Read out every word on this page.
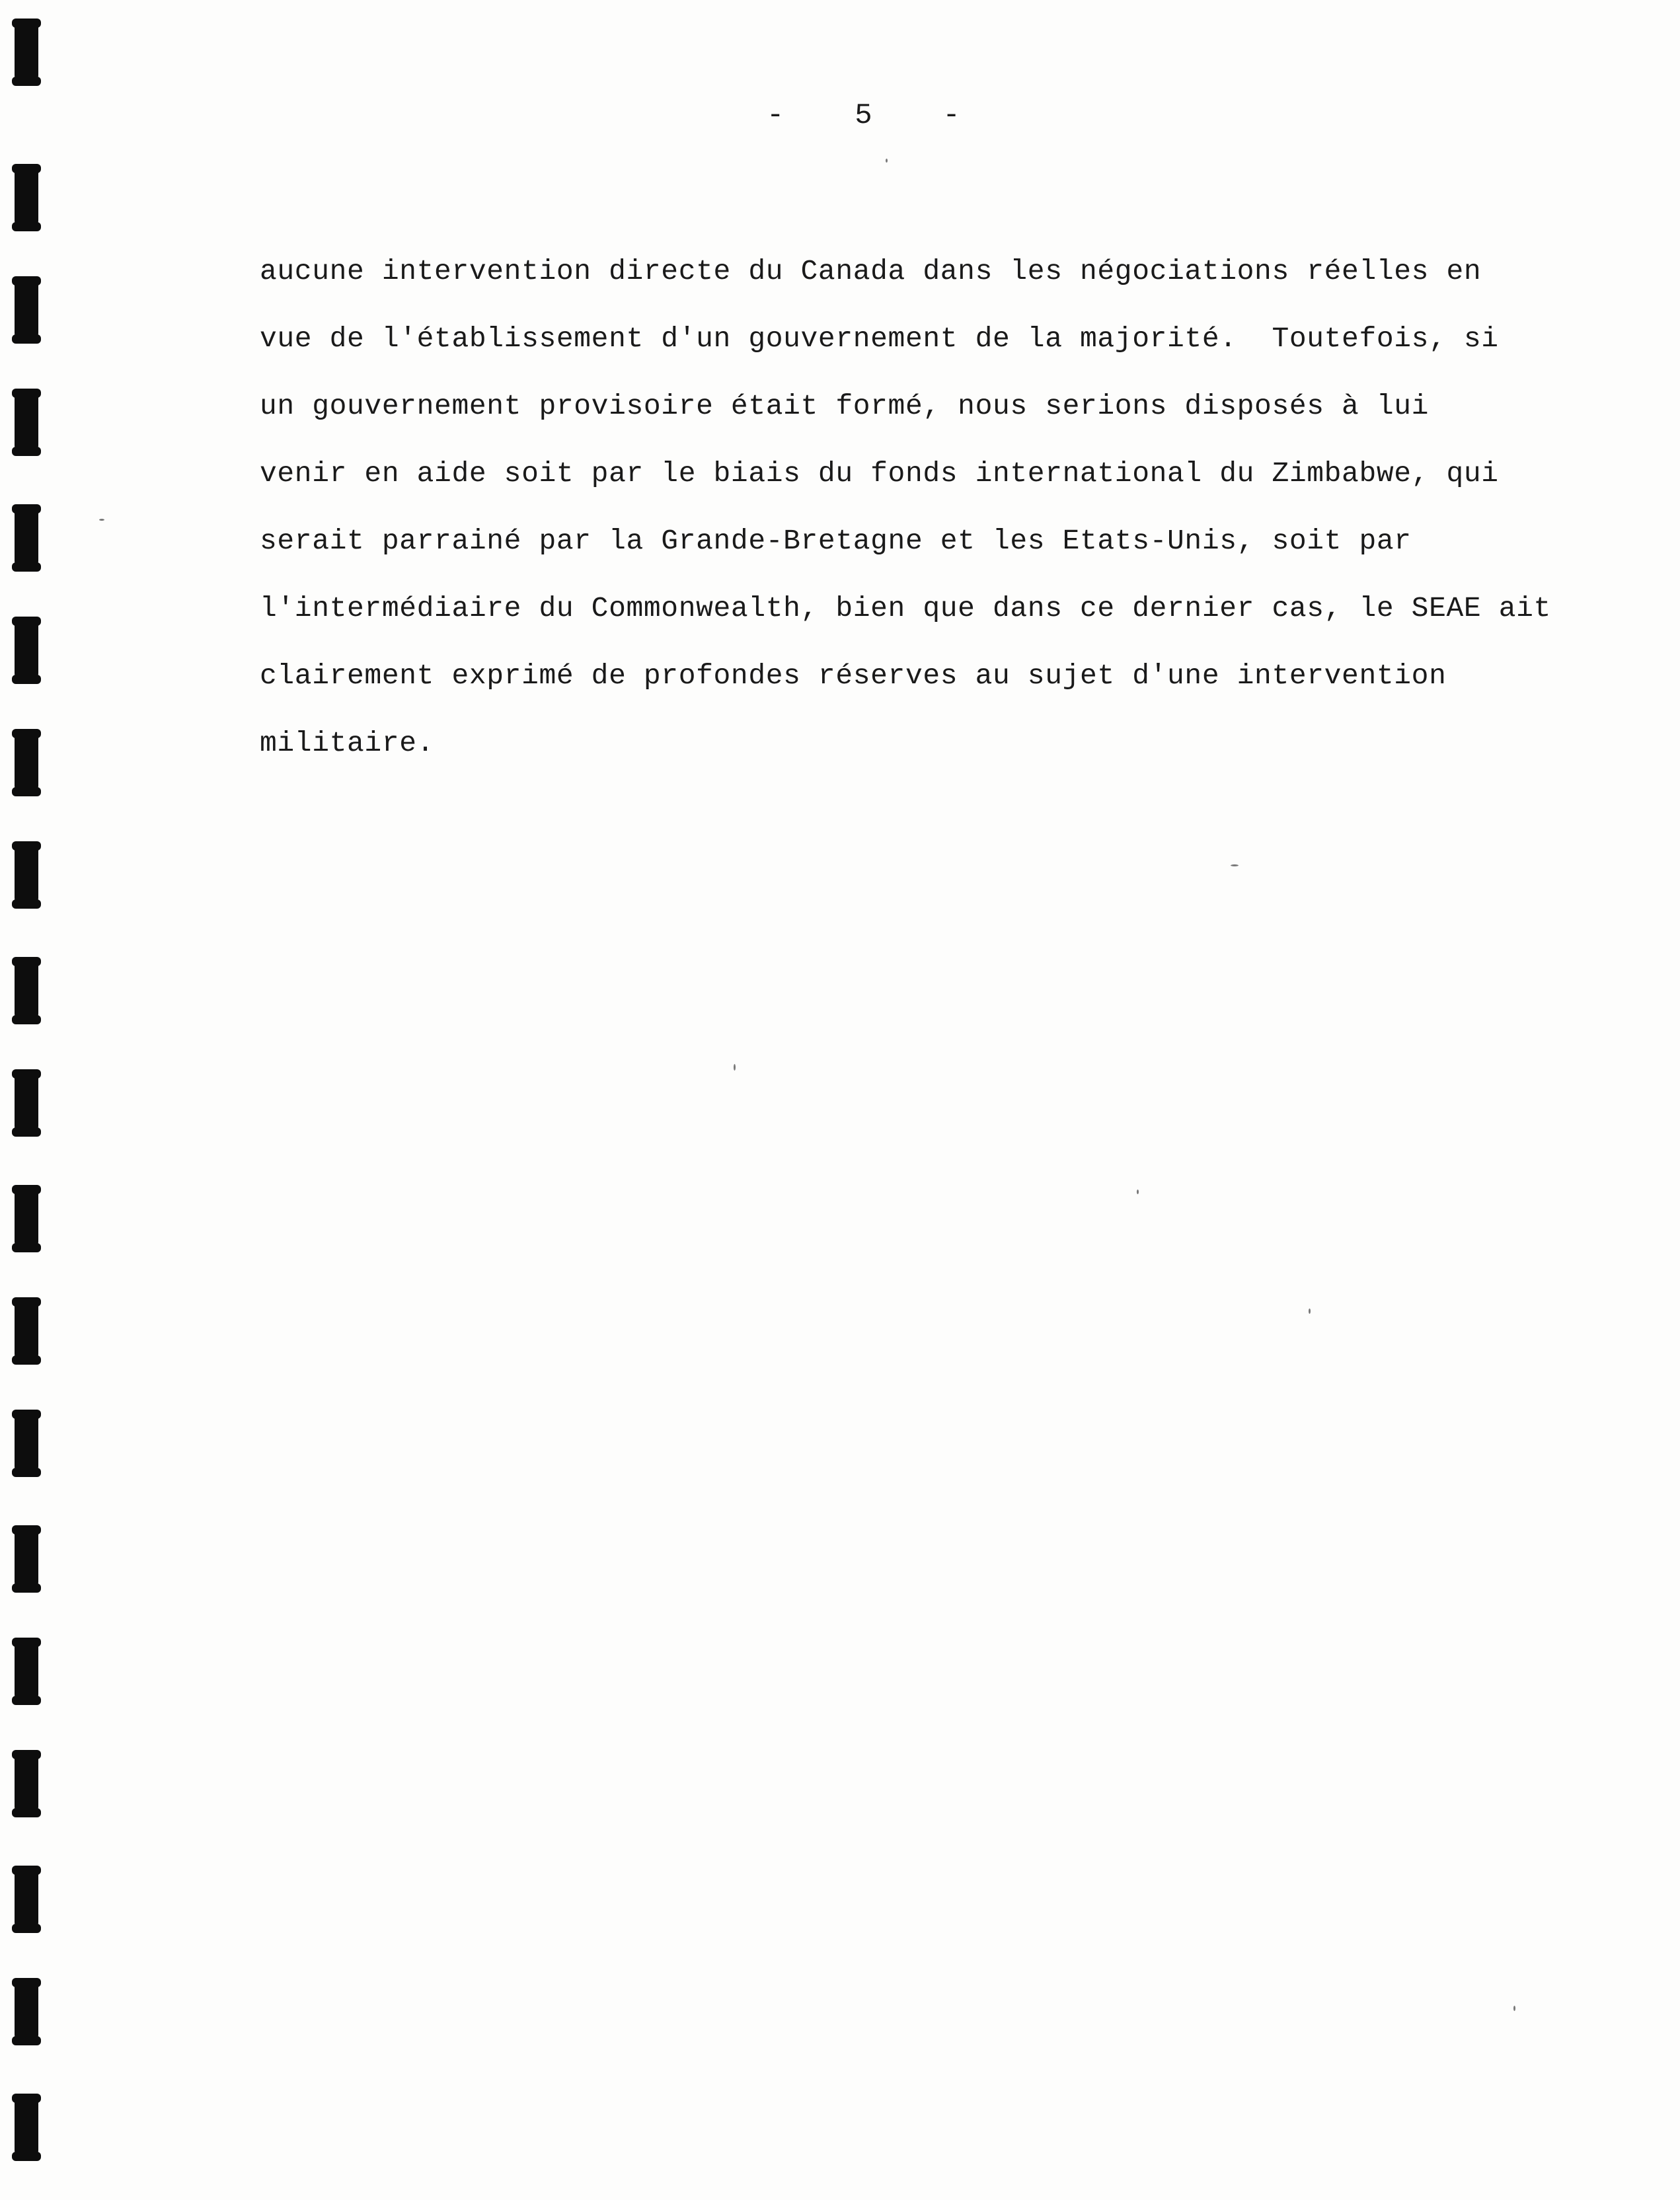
-  5  -
aucune intervention directe du Canada dans les négociations réelles en
vue de l'établissement d'un gouvernement de la majorité.  Toutefois, si
un gouvernement provisoire était formé, nous serions disposés à lui
venir en aide soit par le biais du fonds international du Zimbabwe, qui
serait parrainé par la Grande-Bretagne et les Etats-Unis, soit par
l'intermédiaire du Commonwealth, bien que dans ce dernier cas, le SEAE ait
clairement exprimé de profondes réserves au sujet d'une intervention
militaire.
